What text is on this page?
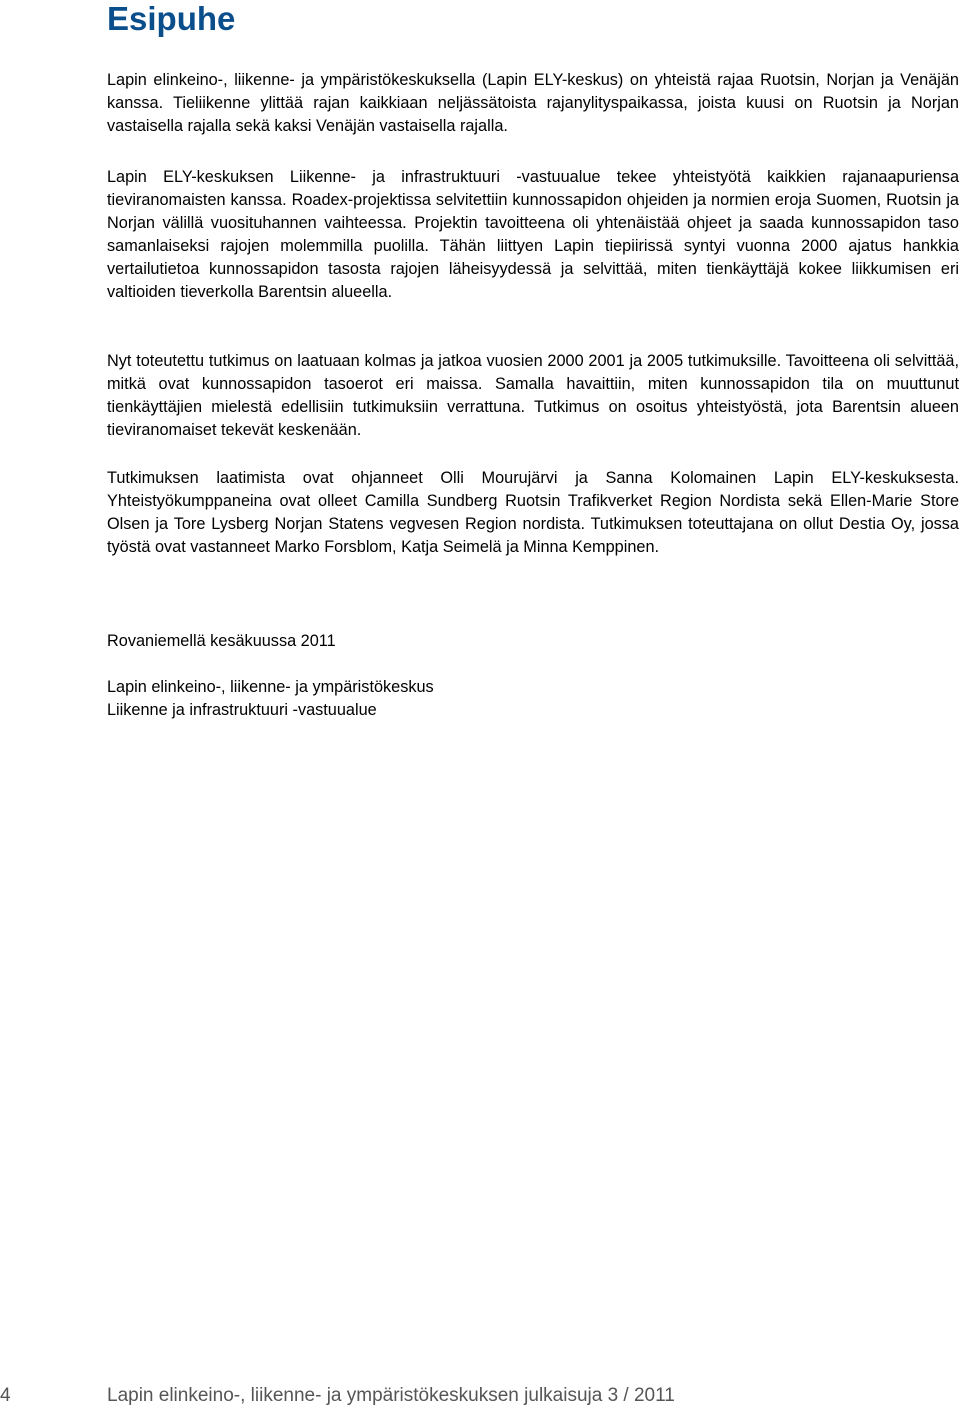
Esipuhe

Lapin elinkeino-, liikenne- ja ympäristökeskuksella (Lapin ELY-keskus) on yhteistä rajaa Ruotsin, Norjan ja Venäjän kanssa. Tieliikenne ylittää rajan kaikkiaan neljässätoista rajanylityspaikassa, joista kuusi on Ruotsin ja Norjan vastaisella rajalla sekä kaksi Venäjän vastaisella rajalla.

Lapin ELY-keskuksen Liikenne- ja infrastruktuuri -vastuualue tekee yhteistyötä kaikkien rajanaapuriensa tieviranomaisten kanssa. Roadex-projektissa selvitettiin kunnossapidon ohjeiden ja normien eroja Suomen, Ruotsin ja Norjan välillä vuosituhannen vaihteessa. Projektin tavoitteena oli yhtenäistää ohjeet ja saada kunnossapidon taso samanlaiseksi rajojen molemmilla puolilla. Tähän liittyen Lapin tiepiirissä syntyi vuonna 2000 ajatus hankkia vertailutietoa kunnossapidon tasosta rajojen läheisyydessä ja selvittää, miten tienkäyttäjä kokee liikkumisen eri valtioiden tieverkolla Barentsin alueella.

Nyt toteutettu tutkimus on laatuaan kolmas ja jatkoa vuosien 2000 2001 ja 2005 tutkimuksille. Tavoitteena oli selvittää, mitkä ovat kunnossapidon tasoerot eri maissa. Samalla havaittiin, miten kunnossapidon tila on muuttunut tienkäyttäjien mielestä edellisiin tutkimuksiin verrattuna. Tutkimus on osoitus yhteistyöstä, jota Barentsin alueen tieviranomaiset tekevät keskenään.

Tutkimuksen laatimista ovat ohjanneet Olli Mourujärvi ja Sanna Kolomainen Lapin ELY-keskuksesta. Yhteistyökumppaneina ovat olleet Camilla Sundberg Ruotsin Trafikverket Region Nordista sekä Ellen-Marie Store Olsen ja Tore Lysberg Norjan Statens vegvesen Region nordista. Tutkimuksen toteuttajana on ollut Destia Oy, jossa työstä ovat vastanneet Marko Forsblom, Katja Seimelä ja Minna Kemppinen.

Rovaniemellä kesäkuussa 2011

Lapin elinkeino-, liikenne- ja ympäristökeskus

Liikenne ja infrastruktuuri -vastuualue

4	Lapin elinkeino-, liikenne- ja ympäristökeskuksen julkaisuja 3 / 2011
